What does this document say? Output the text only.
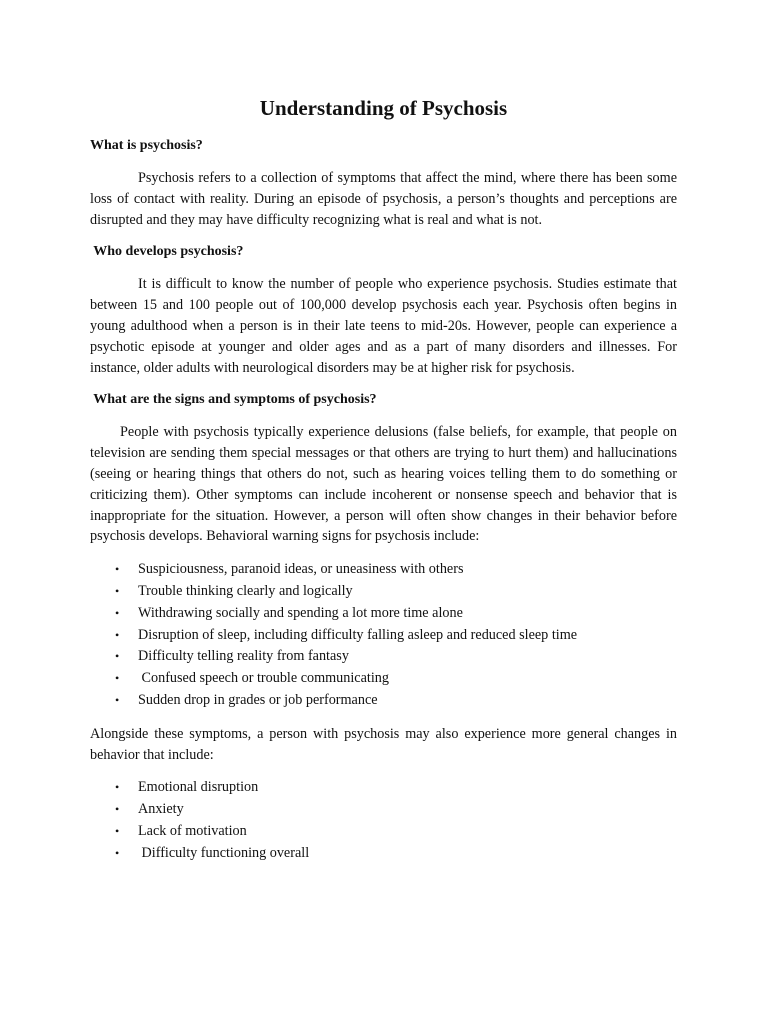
Understanding of Psychosis
What is psychosis?

Psychosis refers to a collection of symptoms that affect the mind, where there has been some loss of contact with reality. During an episode of psychosis, a person’s thoughts and perceptions are disrupted and they may have difficulty recognizing what is real and what is not.

Who develops psychosis?

It is difficult to know the number of people who experience psychosis. Studies estimate that between 15 and 100 people out of 100,000 develop psychosis each year. Psychosis often begins in young adulthood when a person is in their late teens to mid-20s. However, people can experience a psychotic episode at younger and older ages and as a part of many disorders and illnesses. For instance, older adults with neurological disorders may be at higher risk for psychosis.

What are the signs and symptoms of psychosis?

People with psychosis typically experience delusions (false beliefs, for example, that people on television are sending them special messages or that others are trying to hurt them) and hallucinations (seeing or hearing things that others do not, such as hearing voices telling them to do something or criticizing them). Other symptoms can include incoherent or nonsense speech and behavior that is inappropriate for the situation. However, a person will often show changes in their behavior before psychosis develops. Behavioral warning signs for psychosis include:

• Suspiciousness, paranoid ideas, or uneasiness with others
• Trouble thinking clearly and logically
• Withdrawing socially and spending a lot more time alone
• Disruption of sleep, including difficulty falling asleep and reduced sleep time
• Difficulty telling reality from fantasy
• Confused speech or trouble communicating
• Sudden drop in grades or job performance

Alongside these symptoms, a person with psychosis may also experience more general changes in behavior that include:

• Emotional disruption
• Anxiety
• Lack of motivation
• Difficulty functioning overall
